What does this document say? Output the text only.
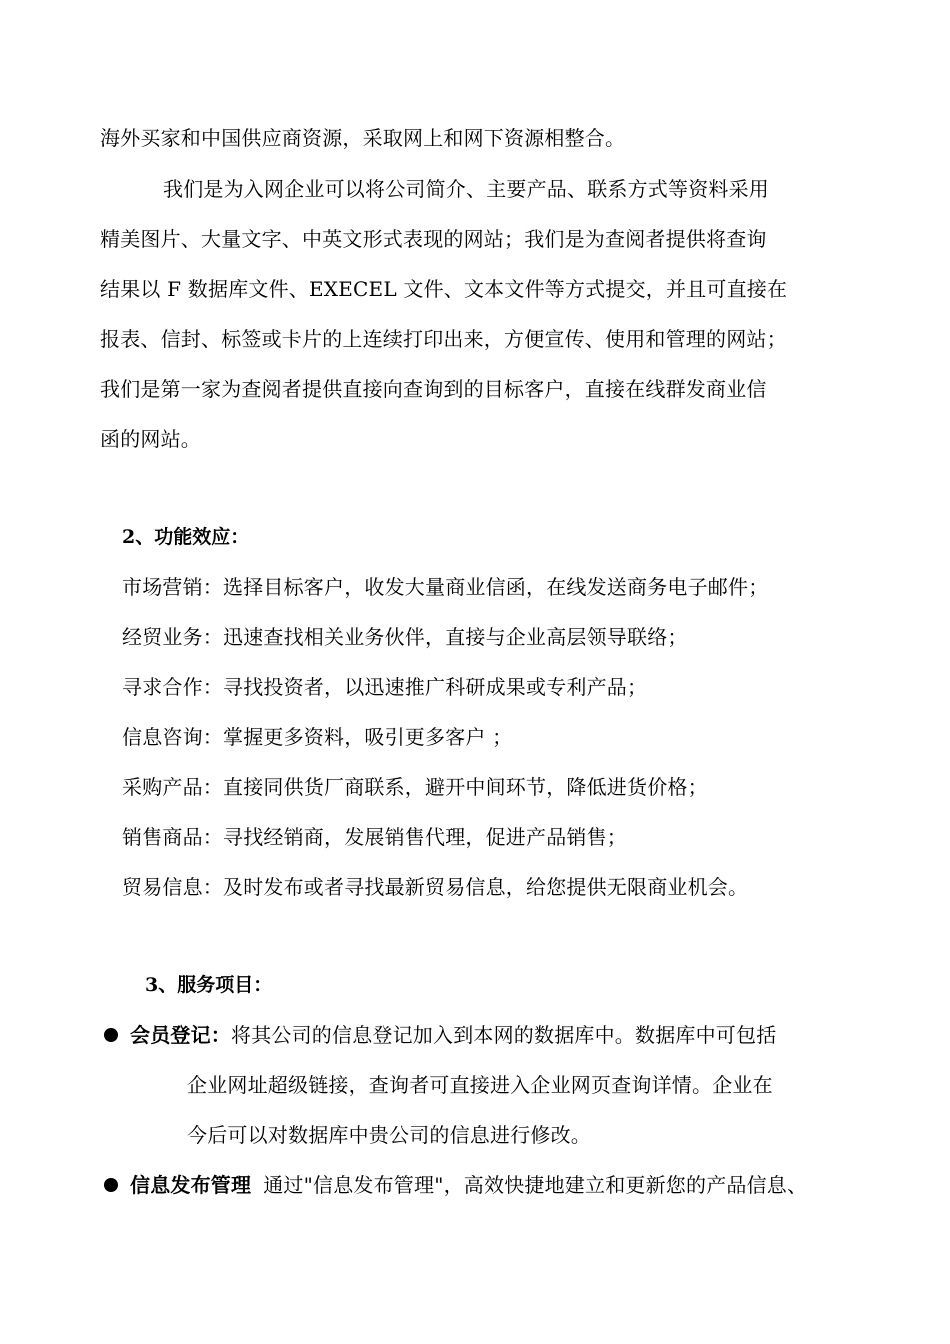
海外买家和中国供应商资源，采取网上和网下资源相整合。
我们是为入网企业可以将公司简介、主要产品、联系方式等资料采用
精美图片、大量文字、中英文形式表现的网站；我们是为查阅者提供将查询
结果以 F 数据库文件、EXECEL 文件、文本文件等方式提交，并且可直接在
报表、信封、标签或卡片的上连续打印出来，方便宣传、使用和管理的网站；
我们是第一家为查阅者提供直接向查询到的目标客户，直接在线群发商业信
函的网站。
2、功能效应：
市场营销：选择目标客户，收发大量商业信函，在线发送商务电子邮件；
经贸业务：迅速查找相关业务伙伴，直接与企业高层领导联络；
寻求合作：寻找投资者，以迅速推广科研成果或专利产品；
信息咨询：掌握更多资料，吸引更多客户 ；
采购产品：直接同供货厂商联系，避开中间环节，降低进货价格；
销售商品：寻找经销商，发展销售代理，促进产品销售；
贸易信息：及时发布或者寻找最新贸易信息，给您提供无限商业机会。
3、服务项目：
会员登记：将其公司的信息登记加入到本网的数据库中。数据库中可包括
企业网址超级链接，查询者可直接进入企业网页查询详情。企业在
今后可以对数据库中贵公司的信息进行修改。
信息发布管理 通过"信息发布管理"，高效快捷地建立和更新您的产品信息、
